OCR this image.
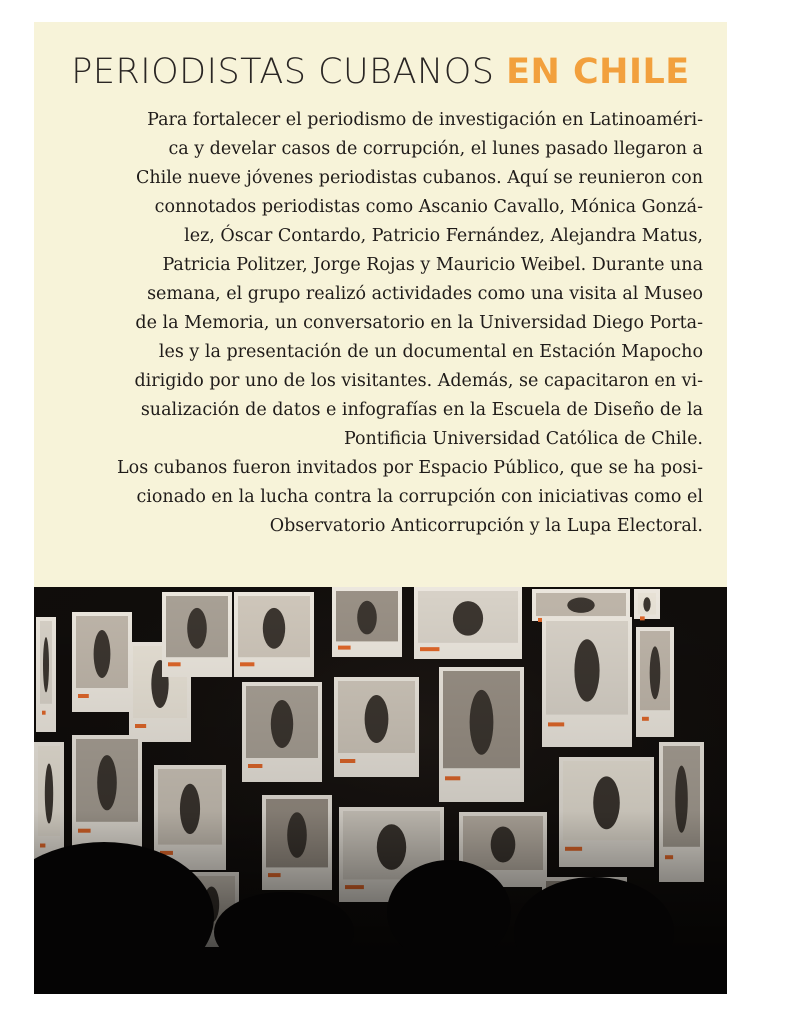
PERIODISTAS CUBANOS EN CHILE

Para fortalecer el periodismo de investigación en Latinoaméri-
ca y develar casos de corrupción, el lunes pasado llegaron a
Chile nueve jóvenes periodistas cubanos. Aquí se reunieron con
connotados periodistas como Ascanio Cavallo, Mónica Gonzá-
lez, Óscar Contardo, Patricio Fernández, Alejandra Matus,
Patricia Politzer, Jorge Rojas y Mauricio Weibel. Durante una
semana, el grupo realizó actividades como una visita al Museo
de la Memoria, un conversatorio en la Universidad Diego Porta-
les y la presentación de un documental en Estación Mapocho
dirigido por uno de los visitantes. Además, se capacitaron en vi-
sualización de datos e infografías en la Escuela de Diseño de la
Pontificia Universidad Católica de Chile.
Los cubanos fueron invitados por Espacio Público, que se ha posi-
cionado en la lucha contra la corrupción con iniciativas como el
Observatorio Anticorrupción y la Lupa Electoral.
